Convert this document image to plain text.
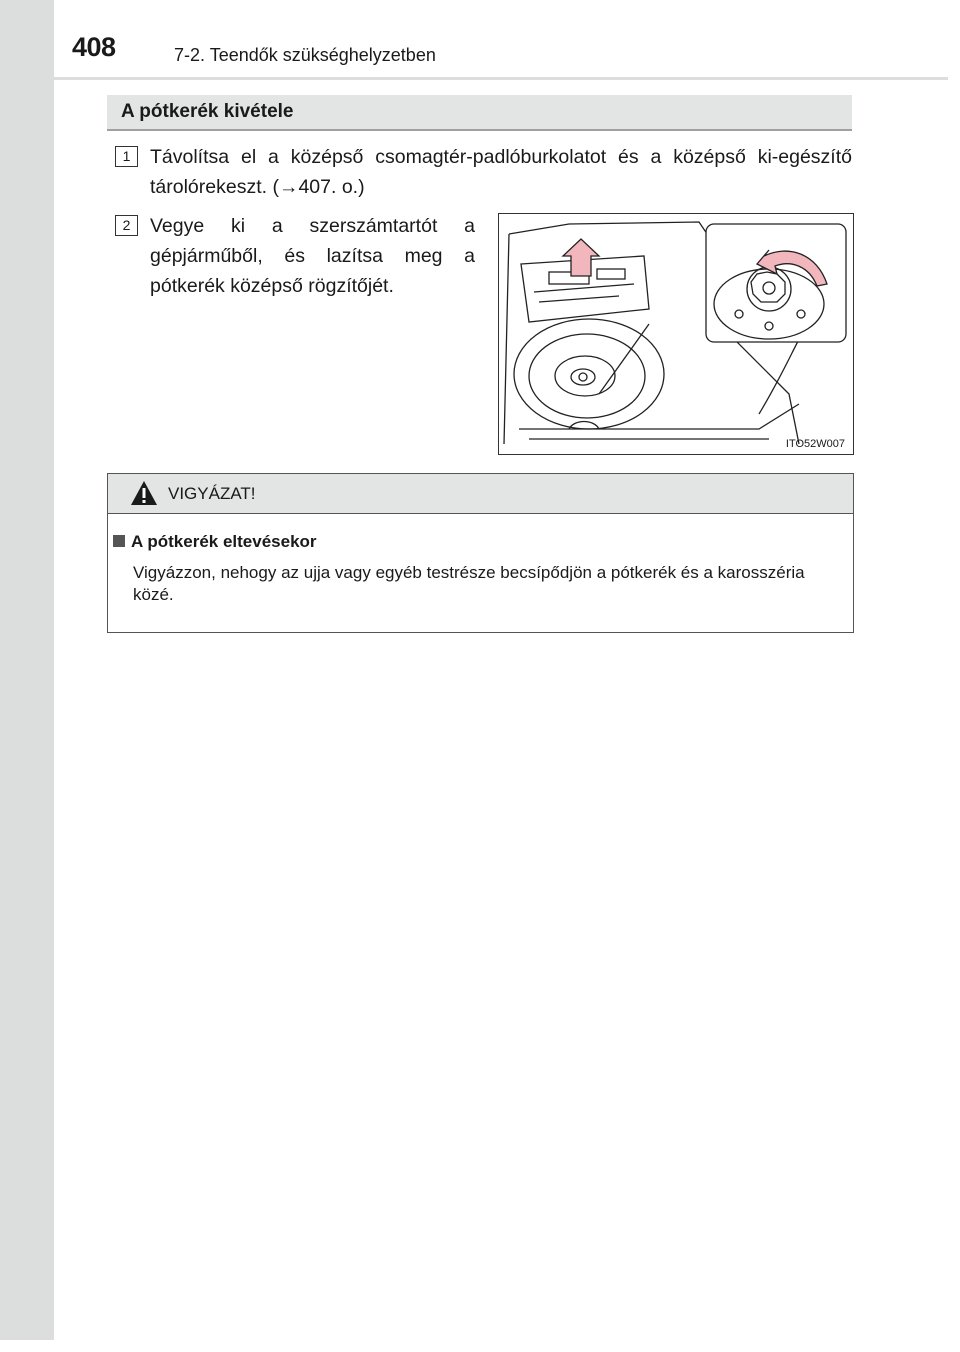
408	7-2. Teendők szükséghelyzetben
A pótkerék kivétele
1	Távolítsa el a középső csomagtér-padlóburkolatot és a középső ki-egészítő tárolórekeszt. (→407. o.)
2	Vegye ki a szerszámtartót a gépjárműből, és lazítsa meg a pótkerék középső rögzítőjét.
ITO52W007
VIGYÁZAT!
A pótkerék eltevésekor
Vigyázzon, nehogy az ujja vagy egyéb testrésze becsípődjön a pótkerék és a karosszéria közé.
